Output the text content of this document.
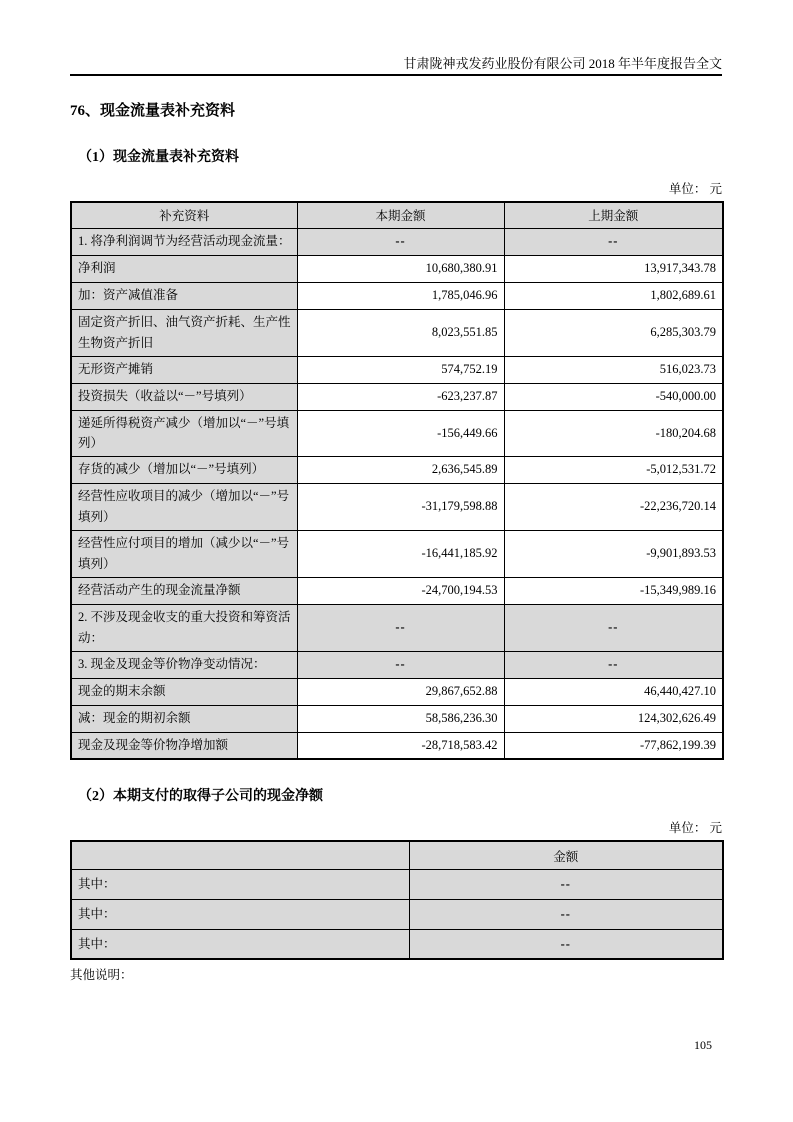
甘肃陇神戎发药业股份有限公司 2018 年半年度报告全文
76、现金流量表补充资料
（1）现金流量表补充资料
单位： 元
补充资料	本期金额	上期金额
1. 将净利润调节为经营活动现金流量：	--	--
净利润	10,680,380.91	13,917,343.78
加：资产减值准备	1,785,046.96	1,802,689.61
固定资产折旧、油气资产折耗、生产性生物资产折旧	8,023,551.85	6,285,303.79
无形资产摊销	574,752.19	516,023.73
投资损失（收益以“－”号填列）	-623,237.87	-540,000.00
递延所得税资产减少（增加以“－”号填列）	-156,449.66	-180,204.68
存货的减少（增加以“－”号填列）	2,636,545.89	-5,012,531.72
经营性应收项目的减少（增加以“－”号填列）	-31,179,598.88	-22,236,720.14
经营性应付项目的增加（减少以“－”号填列）	-16,441,185.92	-9,901,893.53
经营活动产生的现金流量净额	-24,700,194.53	-15,349,989.16
2. 不涉及现金收支的重大投资和筹资活动：	--	--
3. 现金及现金等价物净变动情况：	--	--
现金的期末余额	29,867,652.88	46,440,427.10
减：现金的期初余额	58,586,236.30	124,302,626.49
现金及现金等价物净增加额	-28,718,583.42	-77,862,199.39
（2）本期支付的取得子公司的现金净额
单位： 元
	金额
其中：	--
其中：	--
其中：	--
其他说明：
105
